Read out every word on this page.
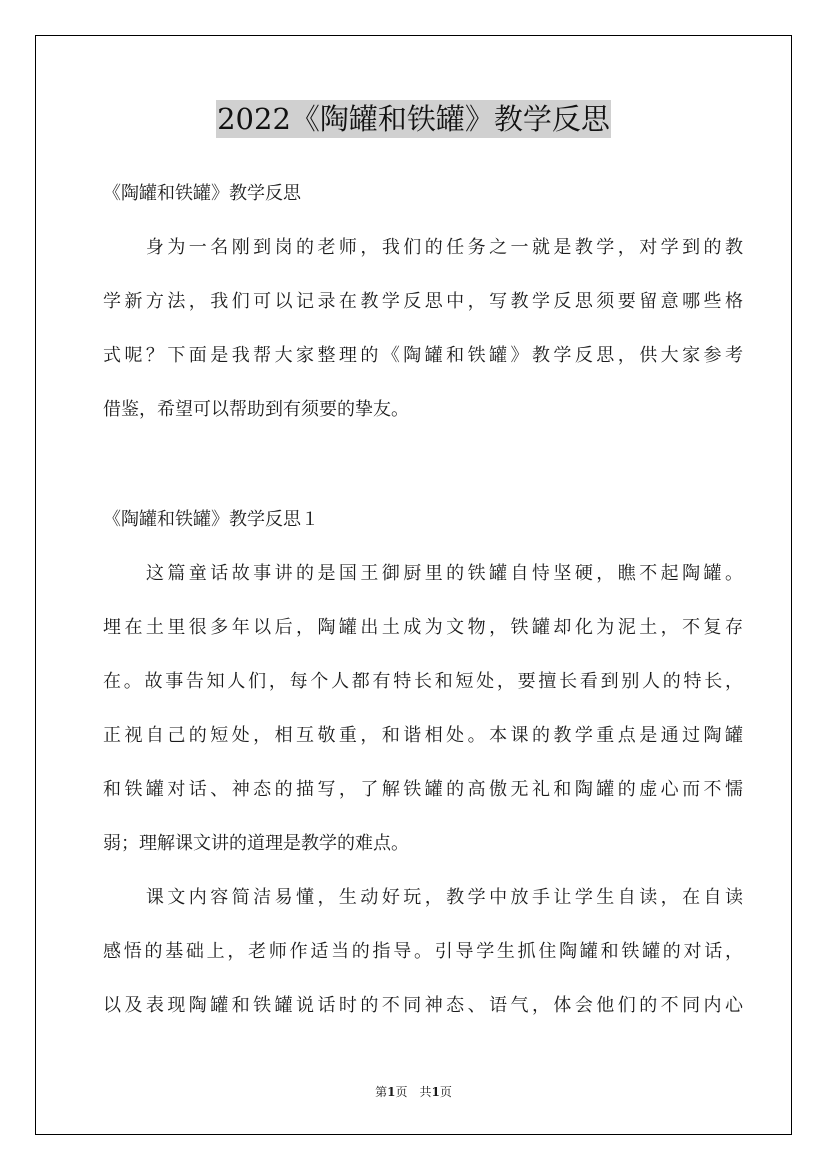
2022《陶罐和铁罐》教学反思
《陶罐和铁罐》教学反思
　　身为一名刚到岗的老师，我们的任务之一就是教学，对学到的教
学新方法，我们可以记录在教学反思中，写教学反思须要留意哪些格
式呢？下面是我帮大家整理的《陶罐和铁罐》教学反思，供大家参考
借鉴，希望可以帮助到有须要的挚友。
《陶罐和铁罐》教学反思１
　　这篇童话故事讲的是国王御厨里的铁罐自恃坚硬，瞧不起陶罐。
埋在土里很多年以后，陶罐出土成为文物，铁罐却化为泥土，不复存
在。故事告知人们，每个人都有特长和短处，要擅长看到别人的特长，
正视自己的短处，相互敬重，和谐相处。本课的教学重点是通过陶罐
和铁罐对话、神态的描写，了解铁罐的高傲无礼和陶罐的虚心而不懦
弱；理解课文讲的道理是教学的难点。
　　课文内容简洁易懂，生动好玩，教学中放手让学生自读，在自读
感悟的基础上，老师作适当的指导。引导学生抓住陶罐和铁罐的对话，
以及表现陶罐和铁罐说话时的不同神态、语气，体会他们的不同内心
第1页　共1页
